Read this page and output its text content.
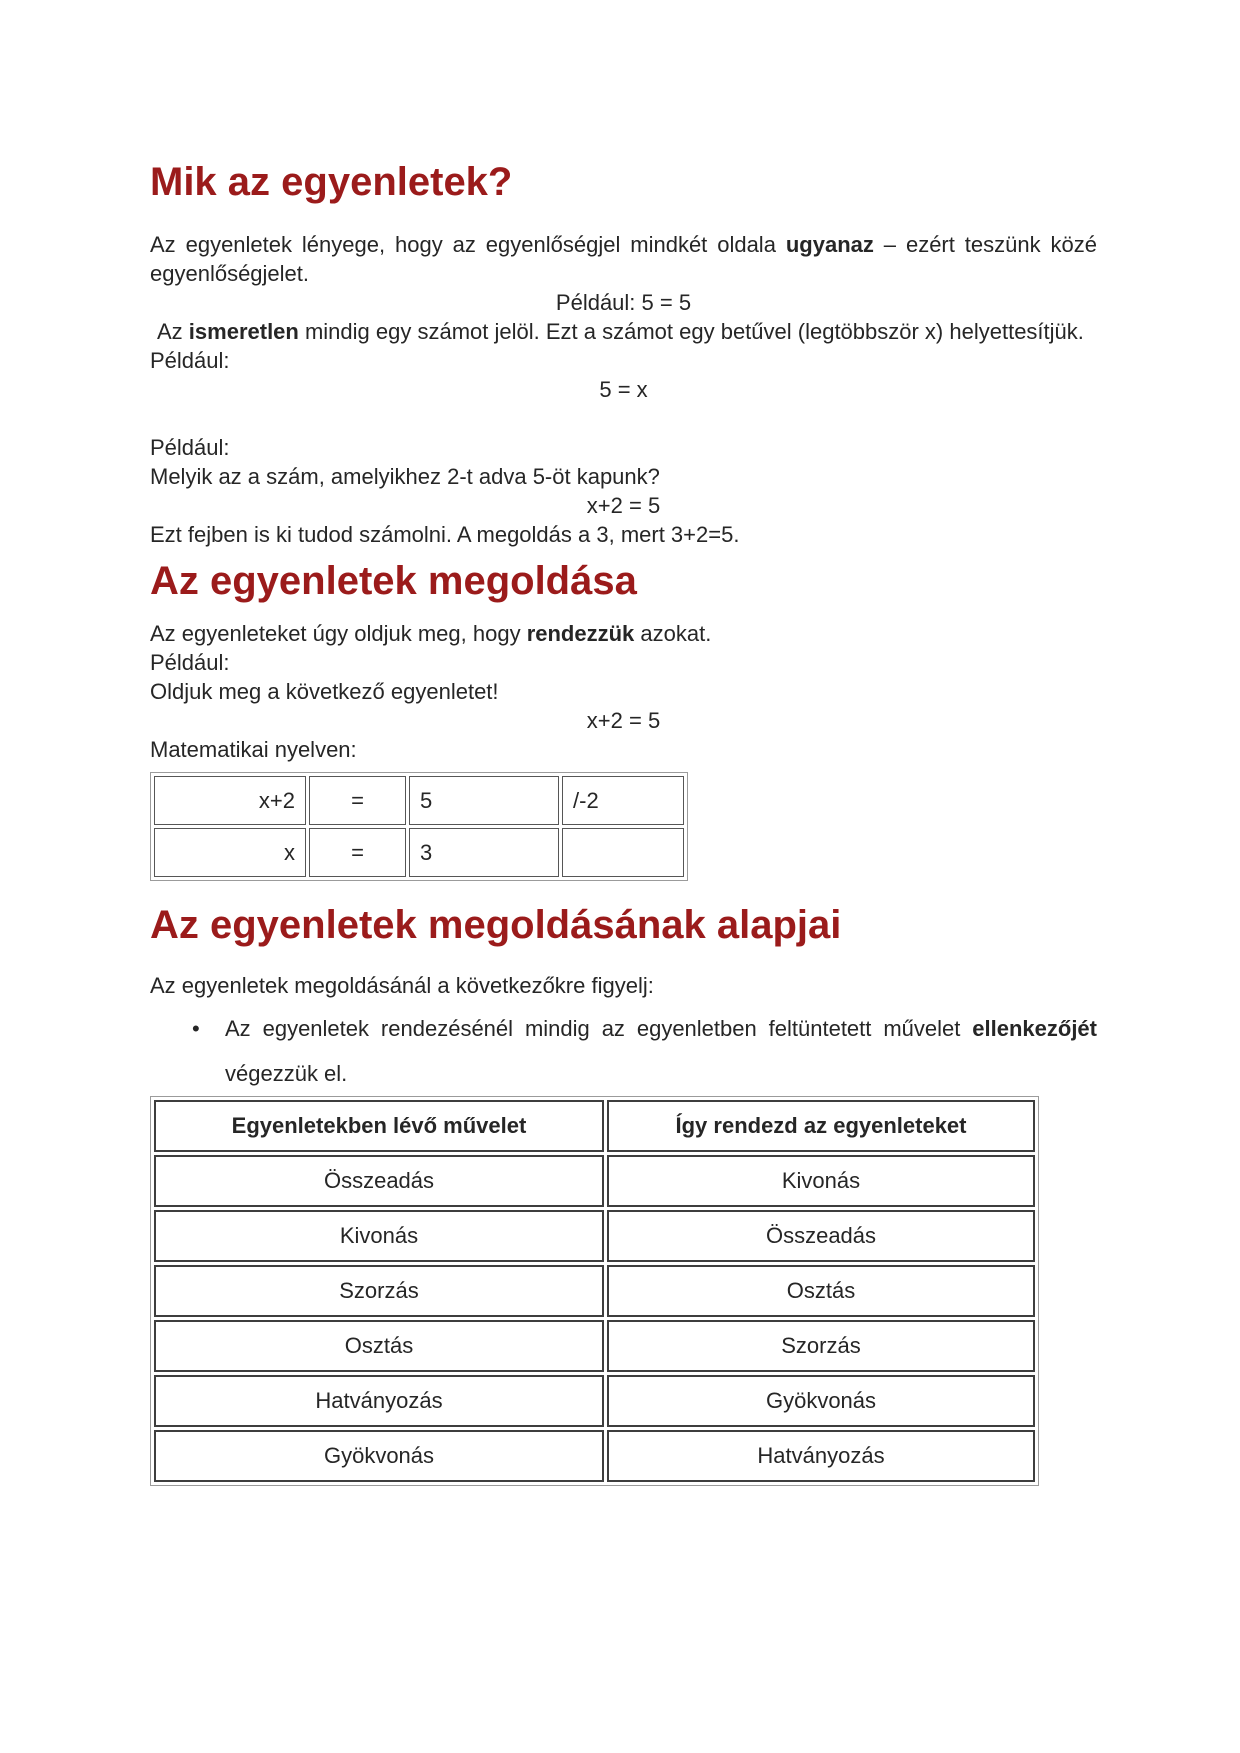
Mik az egyenletek?

Az egyenletek lényege, hogy az egyenlőségjel mindkét oldala ugyanaz – ezért teszünk közé egyenlőségjelet.

Például: 5 = 5

Az ismeretlen mindig egy számot jelöl. Ezt a számot egy betűvel (legtöbbször x) helyettesítjük.

Például:

5 = x

Például:

Melyik az a szám, amelyikhez 2-t adva 5-öt kapunk?

x+2 = 5

Ezt fejben is ki tudod számolni. A megoldás a 3, mert 3+2=5.

Az egyenletek megoldása

Az egyenleteket úgy oldjuk meg, hogy rendezzük azokat.

Például:

Oldjuk meg a következő egyenletet!

x+2 = 5

Matematikai nyelven:

x+2	=	5	/-2
x	=	3	
Az egyenletek megoldásának alapjai

Az egyenletek megoldásánál a következőkre figyelj:

•	Az egyenletek rendezésénél mindig az egyenletben feltüntetett művelet ellenkezőjét végezzük el.

Egyenletekben lévő művelet	Így rendezd az egyenleteket
Összeadás	Kivonás
Kivonás	Összeadás
Szorzás	Osztás
Osztás	Szorzás
Hatványozás	Gyökvonás
Gyökvonás	Hatványozás
